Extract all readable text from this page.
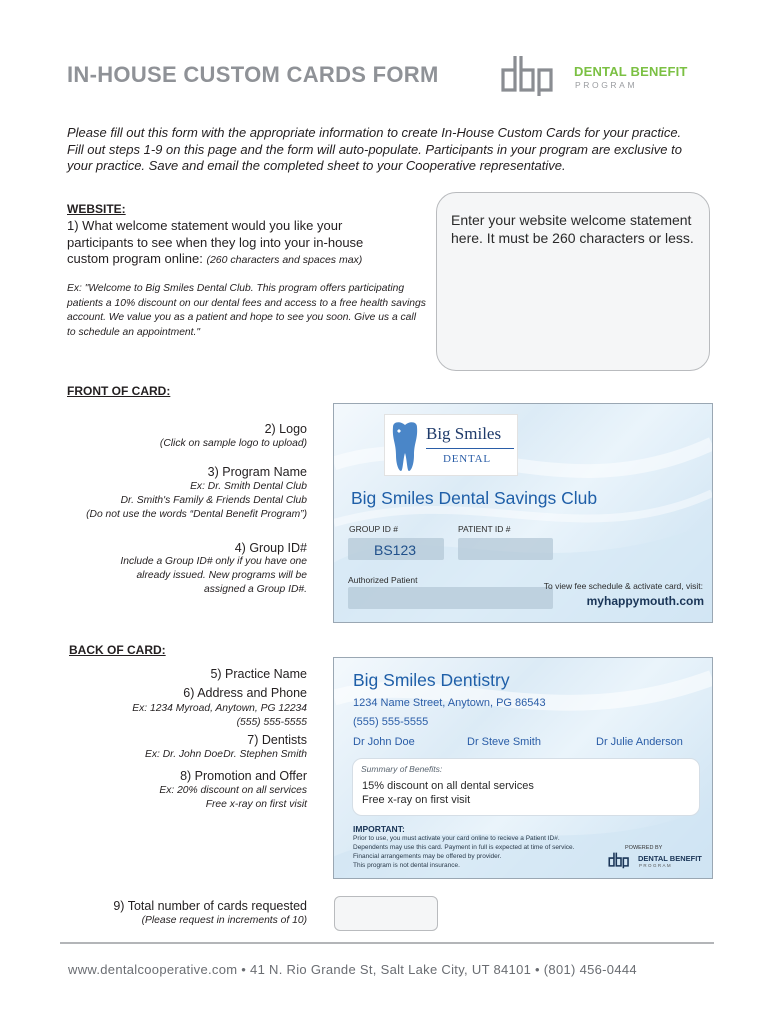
IN-HOUSE CUSTOM CARDS FORM	DENTAL BENEFIT
PROGRAM
Please fill out this form with the appropriate information to create In-House Custom Cards for your practice. Fill out steps 1-9 on this page and the form will auto-populate. Participants in your program are exclusive to your practice. Save and email the completed sheet to your Cooperative representative.
WEBSITE:
1) What welcome statement would you like your participants to see when they log into your in-house custom program online: (260 characters and spaces max)
Ex: "Welcome to Big Smiles Dental Club. This program offers participating patients a 10% discount on our dental fees and access to a free health savings account. We value you as a patient and hope to see you soon. Give us a call to schedule an appointment."
Enter your website welcome statement here. It must be 260 characters or less.
FRONT OF CARD:
2) Logo
(Click on sample logo to upload)
3) Program Name
Ex: Dr. Smith Dental Club
Dr. Smith's Family & Friends Dental Club
(Do not use the words “Dental Benefit Program”)
4) Group ID#
Include a Group ID# only if you have one
already issued. New programs will be
assigned a Group ID#.
Big Smiles
DENTAL
Big Smiles Dental Savings Club
GROUP ID #	PATIENT ID #
BS123
Authorized Patient
To view fee schedule & activate card, visit:
myhappymouth.com
BACK OF CARD:
5) Practice Name
6) Address and Phone
Ex: 1234 Myroad, Anytown, PG 12234
(555) 555-5555
7) Dentists
Ex: Dr. John Doe Dr. Stephen Smith
8) Promotion and Offer
Ex: 20% discount on all services
Free x-ray on first visit
Big Smiles Dentistry
1234 Name Street, Anytown, PG 86543
(555) 555-5555
Dr John Doe	Dr Steve Smith	Dr Julie Anderson
Summary of Benefits:
15% discount on all dental services
Free x-ray on first visit
IMPORTANT:
Prior to use, you must activate your card online to recieve a Patient ID#.
Dependents may use this card. Payment in full is expected at time of service.
Financial arrangements may be offered by provider.
This program is not dental insurance.
POWERED BY
DENTAL BENEFIT
PROGRAM
9) Total number of cards requested
(Please request in increments of 10)
www.dentalcooperative.com • 41 N. Rio Grande St, Salt Lake City, UT 84101 • (801) 456-0444
